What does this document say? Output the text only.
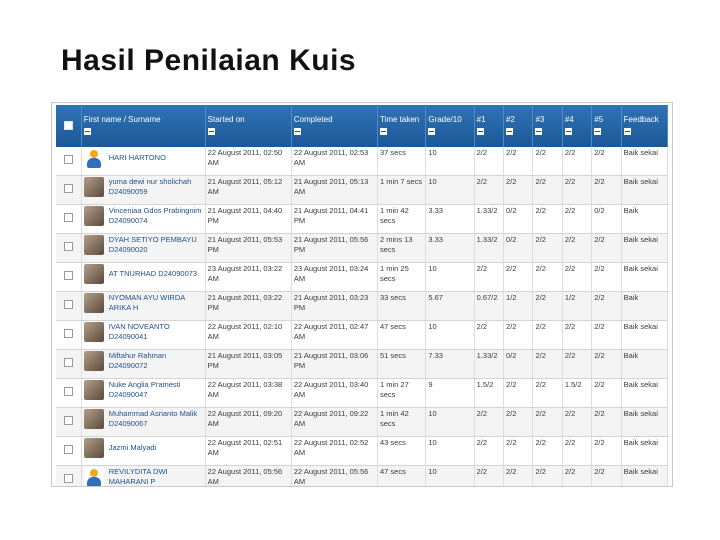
Hasil Penilaian Kuis

	First name / Surname	Started on	Completed	Time taken	Grade/10	#1	#2	#3	#4	#5	Feedback

	HARI HARTONO	22 August 2011, 02:50 AM	22 August 2011, 02:53 AM	37 secs	10	2/2	2/2	2/2	2/2	2/2	Baik sekai

	yuma dewi nur sholichah D24090059	21 August 2011, 05:12 AM	21 August 2011, 05:13 AM	1 min 7 secs	10	2/2	2/2	2/2	2/2	2/2	Baik sekai

	Vinceniaa Gdos Prabingnim D24090074	21 August 2011, 04:40 PM	21 August 2011, 04:41 PM	1 min 42 secs	3.33	1.33/2	0/2	2/2	2/2	0/2	Baik

	DYAH SETIYO PEMBAYU D24090020	21 August 2011, 05:53 PM	21 August 2011, 05:56 PM	2 mins 13 secs	3.33	1.33/2	0/2	2/2	2/2	2/2	Baik sekai

	AT TNURHAD D24090073	23 August 2011, 03:22 AM	23 August 2011, 03:24 AM	1 min 25 secs	10	2/2	2/2	2/2	2/2	2/2	Baik sekai

	NYOMAN AYU WIRDA ARIKA H	21 August 2011, 03:22 PM	21 August 2011, 03:23 PM	33 secs	5.67	0.67/2	1/2	2/2	1/2	2/2	Baik

	IVAN NOVEANTO D24090041	22 August 2011, 02:10 AM	22 August 2011, 02:47 AM	47 secs	10	2/2	2/2	2/2	2/2	2/2	Baik sekai

	Miftahur Rahman D24090072	21 August 2011, 03:05 PM	21 August 2011, 03:06 PM	51 secs	7.33	1.33/2	0/2	2/2	2/2	2/2	Baik

	Nuke Anglia Pramesti D24090047	22 August 2011, 03:38 AM	22 August 2011, 03:40 AM	1 min 27 secs	9	1.5/2	2/2	2/2	1.5/2	2/2	Baik sekai

	Muhammad Asrianto Malik D24090067	22 August 2011, 09:20 AM	22 August 2011, 09:22 AM	1 min 42 secs	10	2/2	2/2	2/2	2/2	2/2	Baik sekai

	Jazmi Malyadi	22 August 2011, 02:51 AM	22 August 2011, 02:52 AM	43 secs	10	2/2	2/2	2/2	2/2	2/2	Baik sekai

	REVILYDITA DWI MAHARANI P	22 August 2011, 05:56 AM	22 August 2011, 05:56 AM	47 secs	10	2/2	2/2	2/2	2/2	2/2	Baik sekai
